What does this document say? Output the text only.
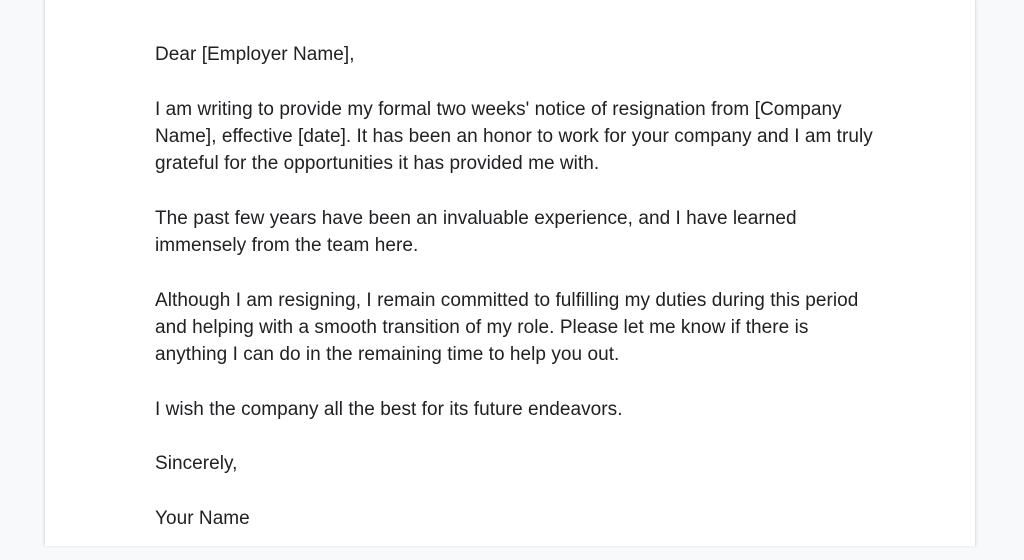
Dear [Employer Name],

I am writing to provide my formal two weeks' notice of resignation from [Company Name], effective [date]. It has been an honor to work for your company and I am truly grateful for the opportunities it has provided me with.

The past few years have been an invaluable experience, and I have learned immensely from the team here.

Although I am resigning, I remain committed to fulfilling my duties during this period and helping with a smooth transition of my role. Please let me know if there is anything I can do in the remaining time to help you out.

I wish the company all the best for its future endeavors.

Sincerely,

Your Name
